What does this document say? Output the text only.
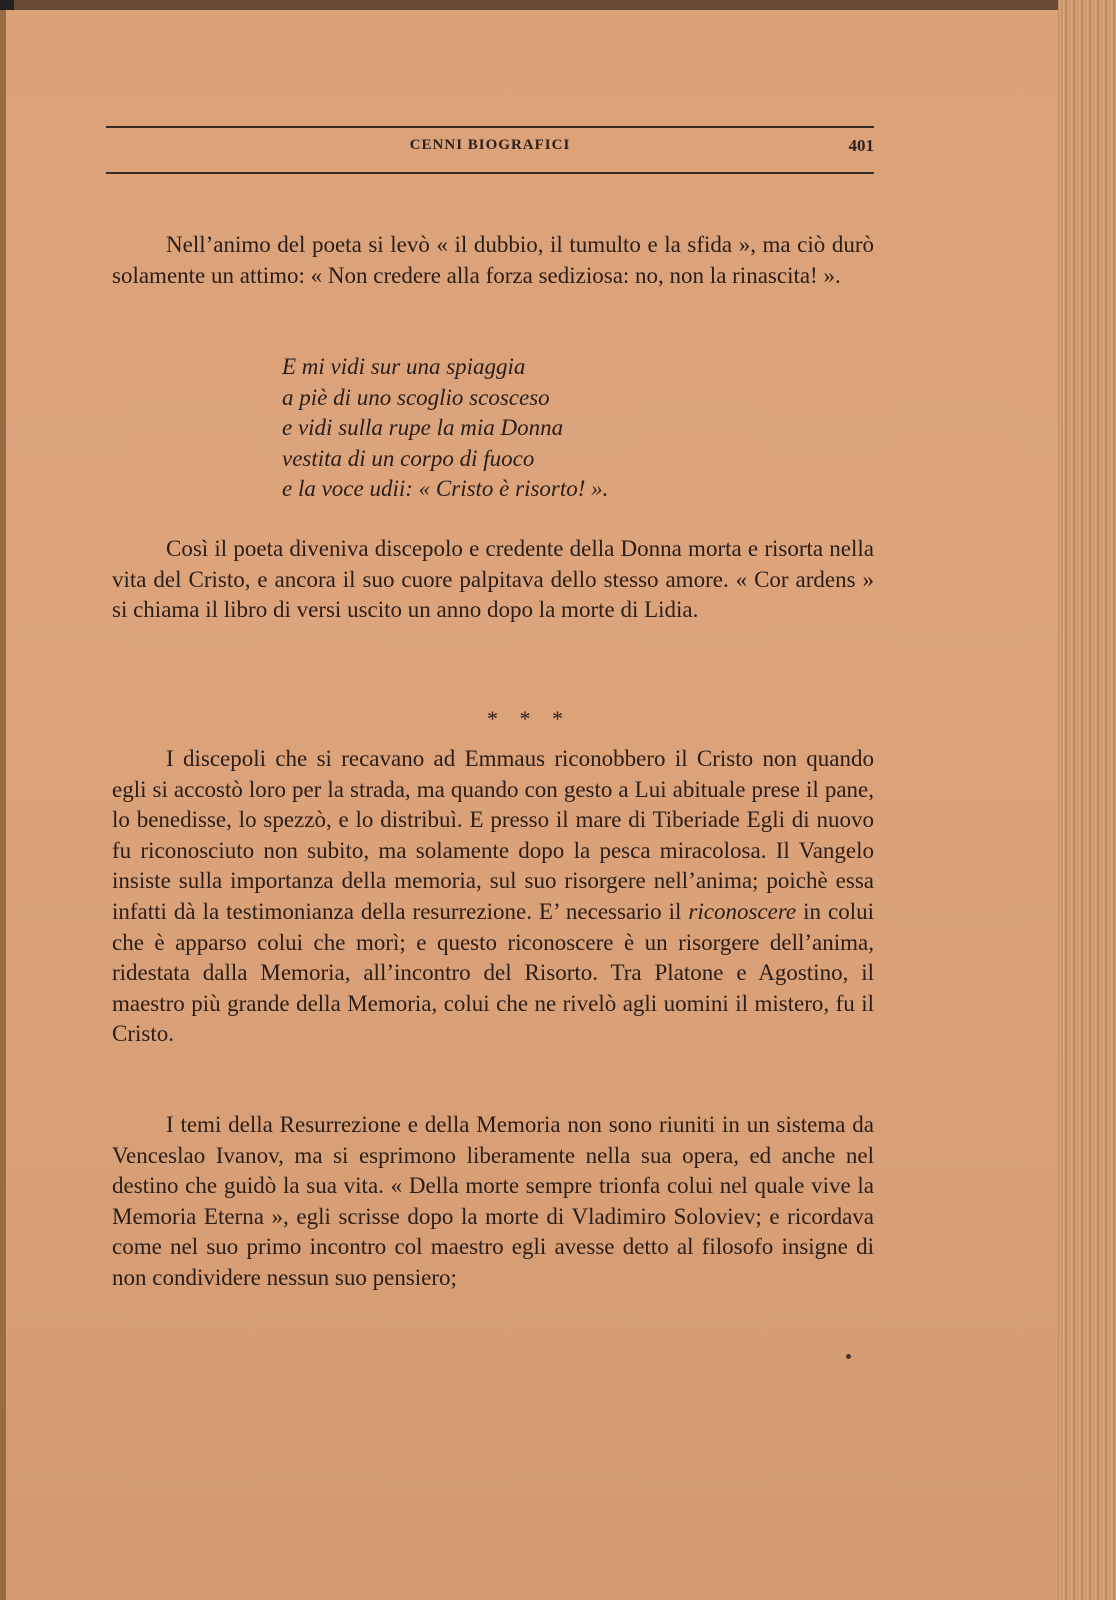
CENNI BIOGRAFICI	401

Nell’animo del poeta si levò « il dubbio, il tumulto e la sfida », ma ciò durò solamente un attimo: « Non credere alla forza sediziosa: no, non la rinascita! ».

E mi vidi sur una spiaggia
a piè di uno scoglio scosceso
e vidi sulla rupe la mia Donna
vestita di un corpo di fuoco
e la voce udii: « Cristo è risorto! ».

Così il poeta diveniva discepolo e credente della Donna morta e risorta nella vita del Cristo, e ancora il suo cuore palpitava dello stesso amore. « Cor ardens » si chiama il libro di versi uscito un anno dopo la morte di Lidia.

* * *

I discepoli che si recavano ad Emmaus riconobbero il Cristo non quando egli si accostò loro per la strada, ma quando con gesto a Lui abituale prese il pane, lo benedisse, lo spezzò, e lo distribuì. E presso il mare di Tiberiade Egli di nuovo fu riconosciuto non subito, ma solamente dopo la pesca miracolosa. Il Vangelo insiste sulla importanza della memoria, sul suo risorgere nell’anima; poichè essa infatti dà la testimonianza della resurrezione. E’ necessario il riconoscere in colui che è apparso colui che morì; e questo riconoscere è un risorgere dell’anima, ridestata dalla Memoria, all’incontro del Risorto. Tra Platone e Agostino, il maestro più grande della Memoria, colui che ne rivelò agli uomini il mistero, fu il Cristo.

I temi della Resurrezione e della Memoria non sono riuniti in un sistema da Venceslao Ivanov, ma si esprimono liberamente nella sua opera, ed anche nel destino che guidò la sua vita. « Della morte sempre trionfa colui nel quale vive la Memoria Eterna », egli scrisse dopo la morte di Vladimiro Soloviev; e ricordava come nel suo primo incontro col maestro egli avesse detto al filosofo insigne di non condividere nessun suo pensiero;
